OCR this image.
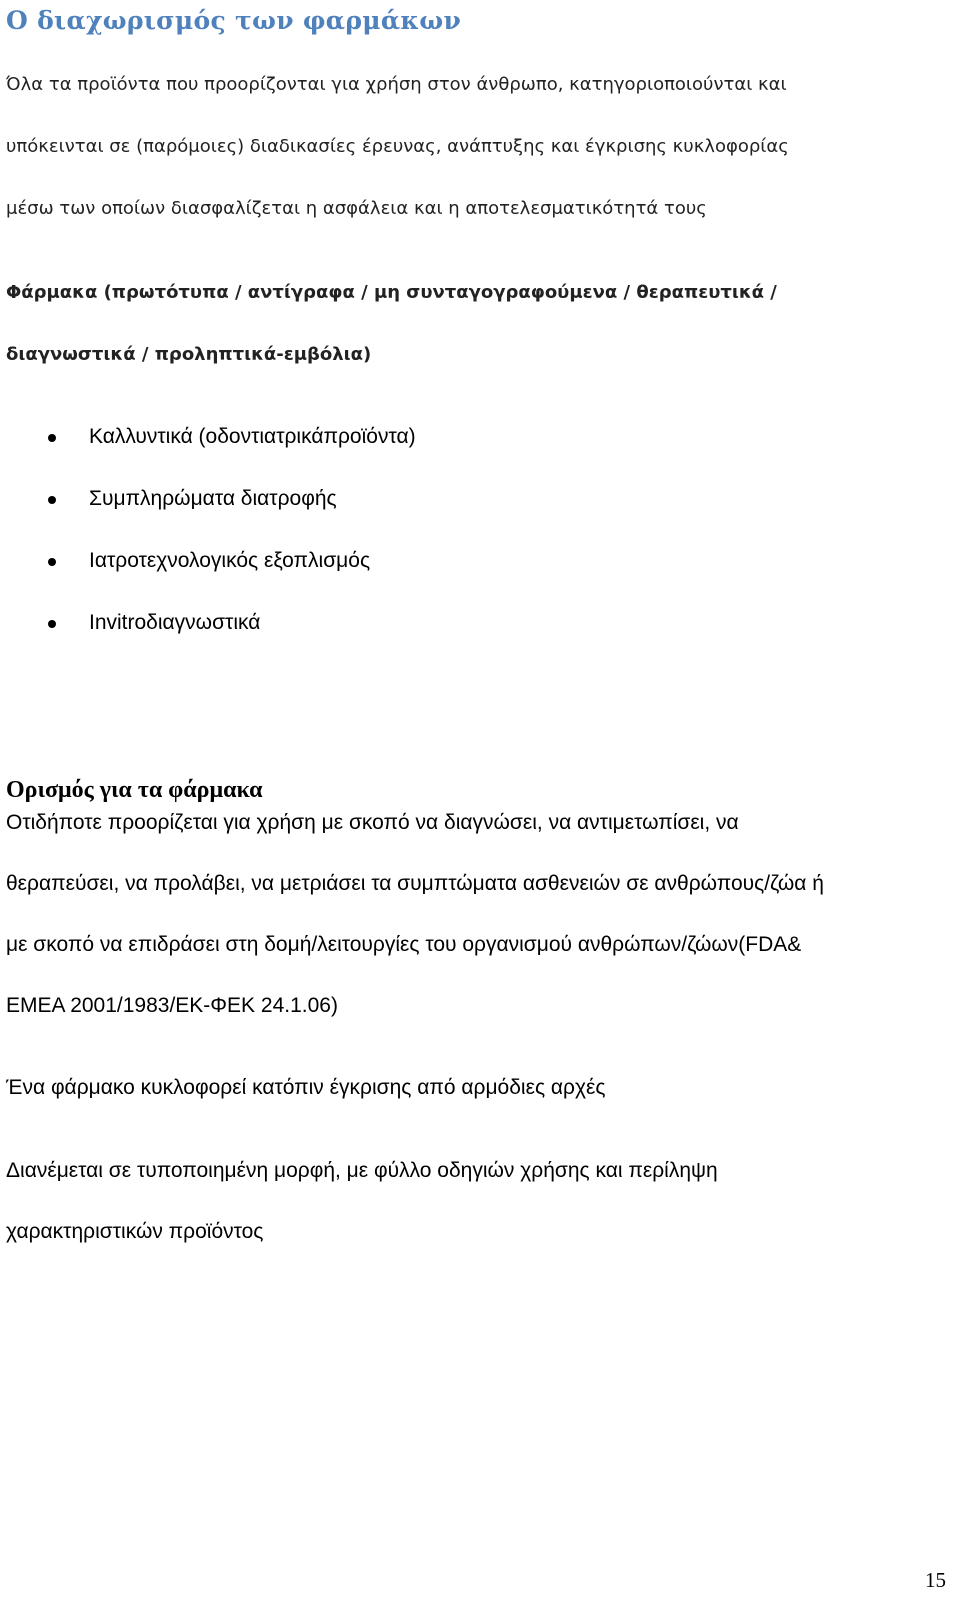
Ο διαχωρισμός των φαρμάκων

Όλα τα προϊόντα που προορίζονται για χρήση στον άνθρωπο, κατηγοριοποιούνται και

υπόκεινται σε (παρόμοιες) διαδικασίες έρευνας, ανάπτυξης και έγκρισης κυκλοφορίας

μέσω των οποίων διασφαλίζεται η ασφάλεια και η αποτελεσματικότητά τους

Φάρμακα (πρωτότυπα / αντίγραφα / μη συνταγογραφούμενα / θεραπευτικά /

διαγνωστικά / προληπτικά-εμβόλια)

Καλλυντικά (οδοντιατρικάπροϊόντα)

Συμπληρώματα διατροφής

Ιατροτεχνολογικός εξοπλισμός

Invitroδιαγνωστικά

Ορισμός για τα φάρμακα

Οτιδήποτε προορίζεται για χρήση με σκοπό να διαγνώσει, να αντιμετωπίσει, να

θεραπεύσει, να προλάβει, να μετριάσει τα συμπτώματα ασθενειών σε ανθρώπους/ζώα ή

με σκοπό να επιδράσει στη δομή/λειτουργίες του οργανισμού ανθρώπων/ζώων(FDA&

EMEA 2001/1983/ΕΚ-ΦΕΚ 24.1.06)

Ένα φάρμακο κυκλοφορεί κατόπιν έγκρισης από αρμόδιες αρχές

Διανέμεται σε τυποποιημένη μορφή, με φύλλο οδηγιών χρήσης και περίληψη

χαρακτηριστικών προϊόντος

15
